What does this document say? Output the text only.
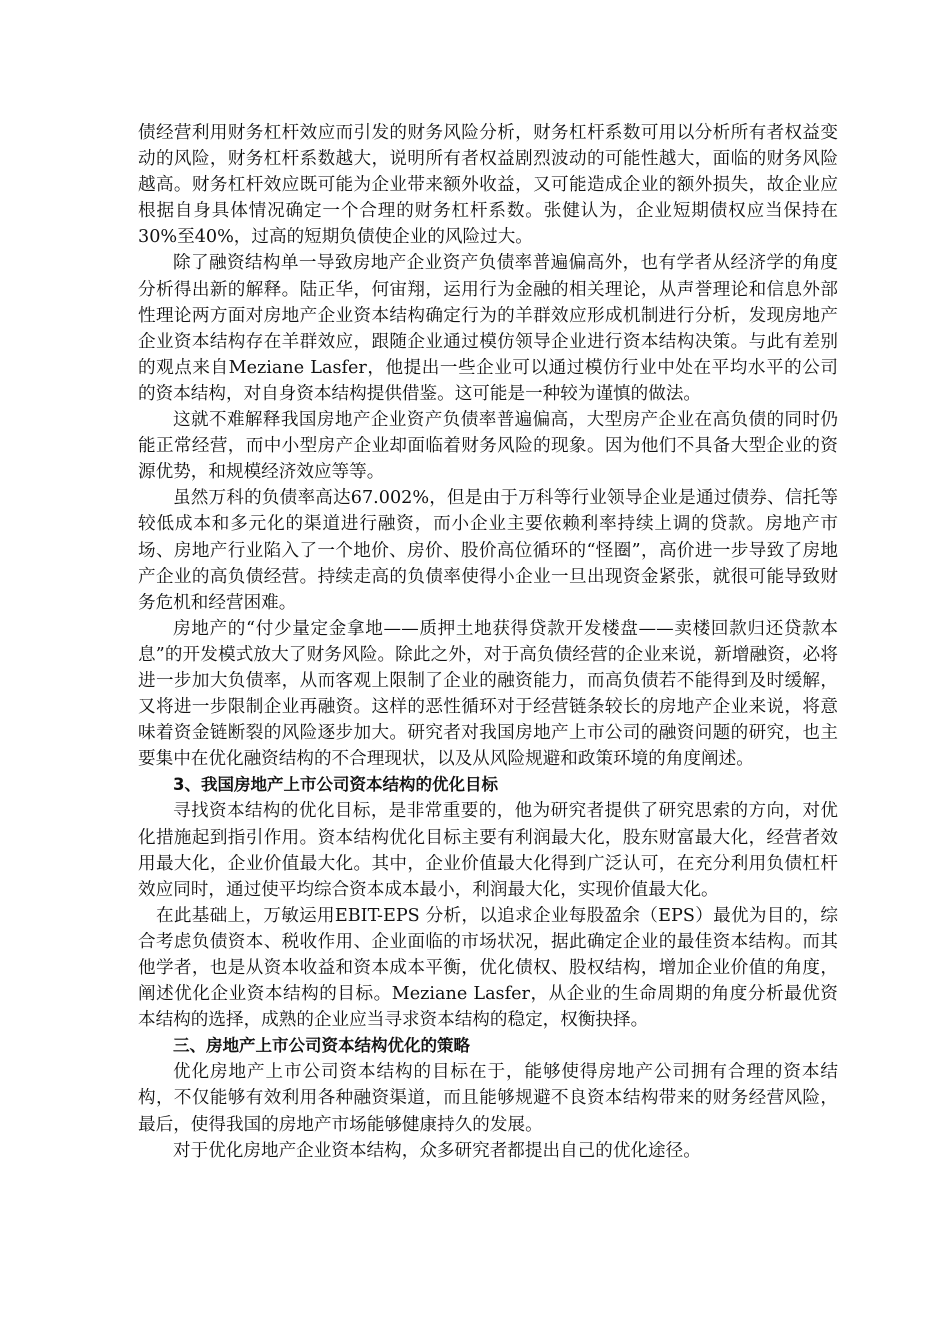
债经营利用财务杠杆效应而引发的财务风险分析，财务杠杆系数可用以分析所有者权益变动的风险，财务杠杆系数越大，说明所有者权益剧烈波动的可能性越大，面临的财务风险越高。财务杠杆效应既可能为企业带来额外收益，又可能造成企业的额外损失，故企业应根据自身具体情况确定一个合理的财务杠杆系数。张健认为，企业短期债权应当保持在30%至40%，过高的短期负债使企业的风险过大。

除了融资结构单一导致房地产企业资产负债率普遍偏高外，也有学者从经济学的角度分析得出新的解释。陆正华，何宙翔，运用行为金融的相关理论，从声誉理论和信息外部性理论两方面对房地产企业资本结构确定行为的羊群效应形成机制进行分析，发现房地产企业资本结构存在羊群效应，跟随企业通过模仿领导企业进行资本结构决策。与此有差别的观点来自Meziane Lasfer，他提出一些企业可以通过模仿行业中处在平均水平的公司的资本结构，对自身资本结构提供借鉴。这可能是一种较为谨慎的做法。

这就不难解释我国房地产企业资产负债率普遍偏高，大型房产企业在高负债的同时仍能正常经营，而中小型房产企业却面临着财务风险的现象。因为他们不具备大型企业的资源优势，和规模经济效应等等。

虽然万科的负债率高达67.002%，但是由于万科等行业领导企业是通过债券、信托等较低成本和多元化的渠道进行融资，而小企业主要依赖利率持续上调的贷款。房地产市场、房地产行业陷入了一个地价、房价、股价高位循环的“怪圈”，高价进一步导致了房地产企业的高负债经营。持续走高的负债率使得小企业一旦出现资金紧张，就很可能导致财务危机和经营困难。

房地产的“付少量定金拿地——质押土地获得贷款开发楼盘——卖楼回款归还贷款本息”的开发模式放大了财务风险。除此之外，对于高负债经营的企业来说，新增融资，必将进一步加大负债率，从而客观上限制了企业的融资能力，而高负债若不能得到及时缓解，又将进一步限制企业再融资。这样的恶性循环对于经营链条较长的房地产企业来说，将意味着资金链断裂的风险逐步加大。研究者对我国房地产上市公司的融资问题的研究，也主要集中在优化融资结构的不合理现状，以及从风险规避和政策环境的角度阐述。

3、我国房地产上市公司资本结构的优化目标

寻找资本结构的优化目标，是非常重要的，他为研究者提供了研究思索的方向，对优化措施起到指引作用。资本结构优化目标主要有利润最大化，股东财富最大化，经营者效用最大化，企业价值最大化。其中，企业价值最大化得到广泛认可，在充分利用负债杠杆效应同时，通过使平均综合资本成本最小，利润最大化，实现价值最大化。

在此基础上，万敏运用EBIT-EPS 分析，以追求企业每股盈余（EPS）最优为目的，综合考虑负债资本、税收作用、企业面临的市场状况，据此确定企业的最佳资本结构。而其他学者，也是从资本收益和资本成本平衡，优化债权、股权结构，增加企业价值的角度，阐述优化企业资本结构的目标。Meziane Lasfer，从企业的生命周期的角度分析最优资本结构的选择，成熟的企业应当寻求资本结构的稳定，权衡抉择。

三、房地产上市公司资本结构优化的策略

优化房地产上市公司资本结构的目标在于，能够使得房地产公司拥有合理的资本结构，不仅能够有效利用各种融资渠道，而且能够规避不良资本结构带来的财务经营风险，最后，使得我国的房地产市场能够健康持久的发展。

对于优化房地产企业资本结构，众多研究者都提出自己的优化途径。
